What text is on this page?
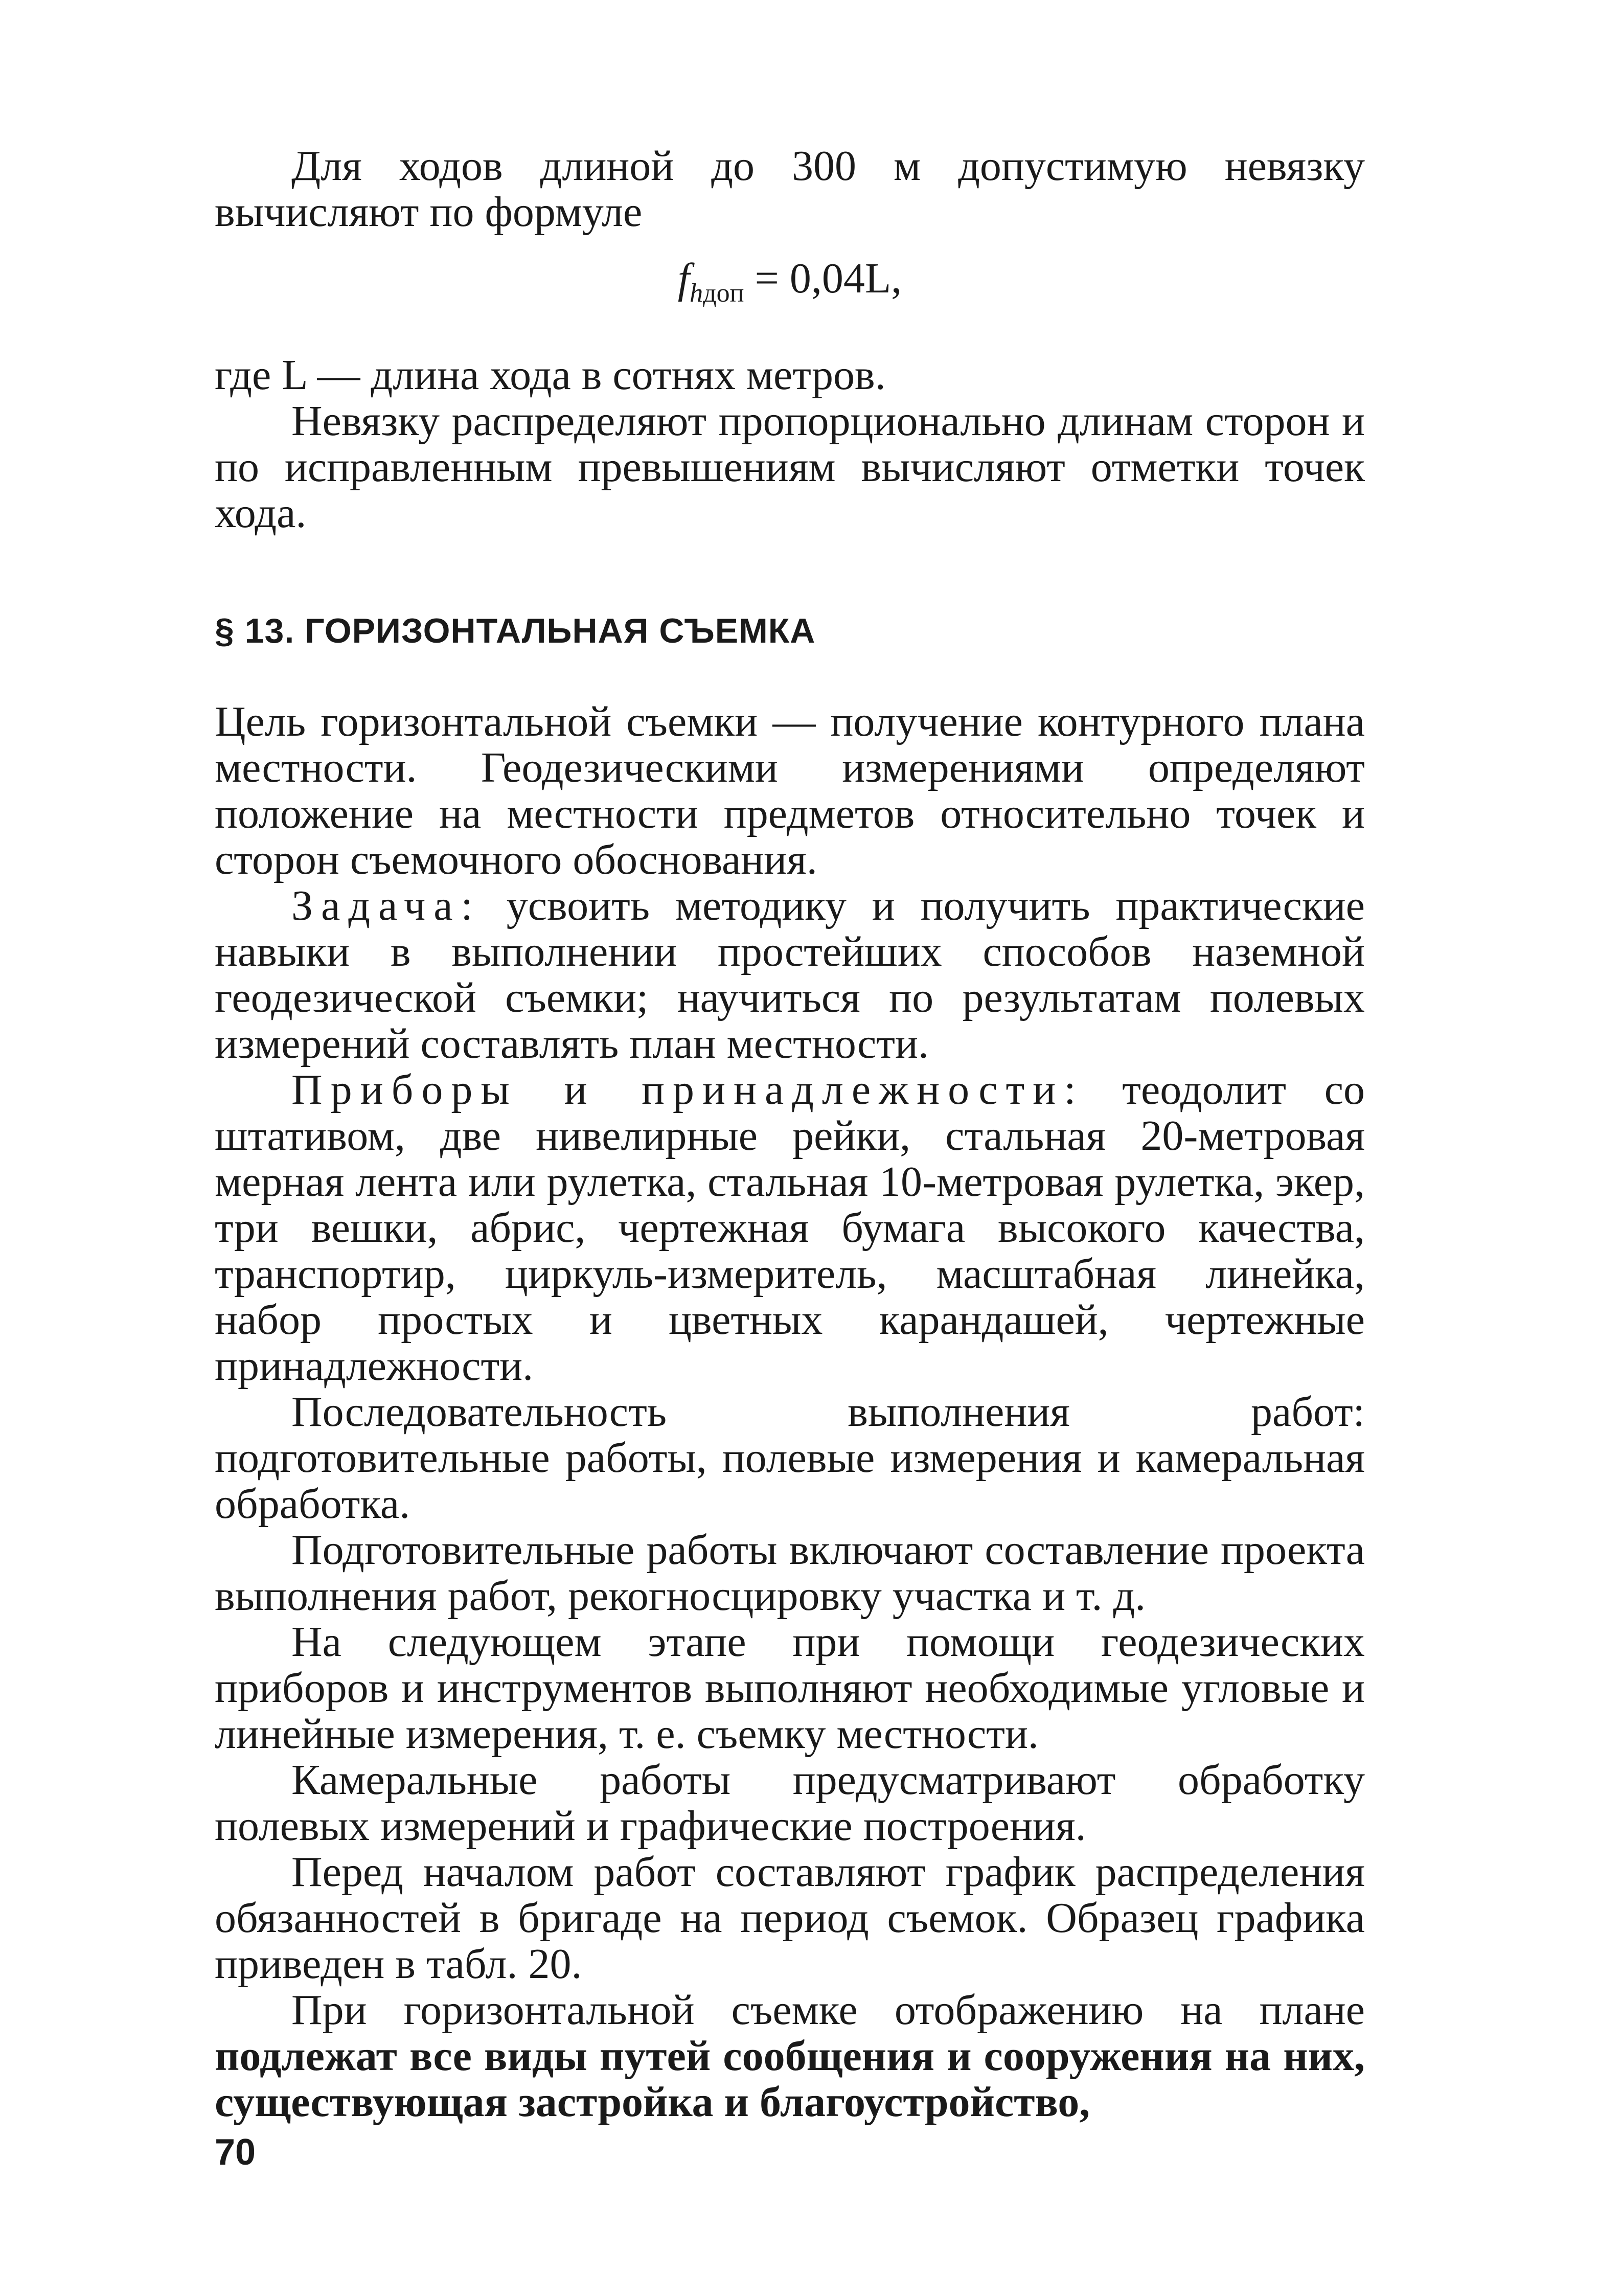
Для ходов длиной до 300 м допустимую невязку вычисляют по формуле

$f_{hдоп} = 0,04L$,

где L — длина хода в сотнях метров.

Невязку распределяют пропорционально длинам сторон и по исправленным превышениям вычисляют отметки точек хода.

§ 13. ГОРИЗОНТАЛЬНАЯ СЪЕМКА

Цель горизонтальной съемки — получение контурного плана местности. Геодезическими измерениями определяют положение на местности предметов относительно точек и сторон съемочного обоснования.

Задача: усвоить методику и получить практические навыки в выполнении простейших способов наземной геодезической съемки; научиться по результатам полевых измерений составлять план местности.

Приборы и принадлежности: теодолит со штативом, две нивелирные рейки, стальная 20-метровая мерная лента или рулетка, стальная 10-метровая рулетка, экер, три вешки, абрис, чертежная бумага высокого качества, транспортир, циркуль-измеритель, масштабная линейка, набор простых и цветных карандашей, чертежные принадлежности.

Последовательность выполнения работ: подготовительные работы, полевые измерения и камеральная обработка.

Подготовительные работы включают составление проекта выполнения работ, рекогносцировку участка и т. д.

На следующем этапе при помощи геодезических приборов и инструментов выполняют необходимые угловые и линейные измерения, т. е. съемку местности.

Камеральные работы предусматривают обработку полевых измерений и графические построения.

Перед началом работ составляют график распределения обязанностей в бригаде на период съемок. Образец графика приведен в табл. 20.

При горизонтальной съемке отображению на плане подлежат все виды путей сообщения и сооружения на них, существующая застройка и благоустройство,

70
